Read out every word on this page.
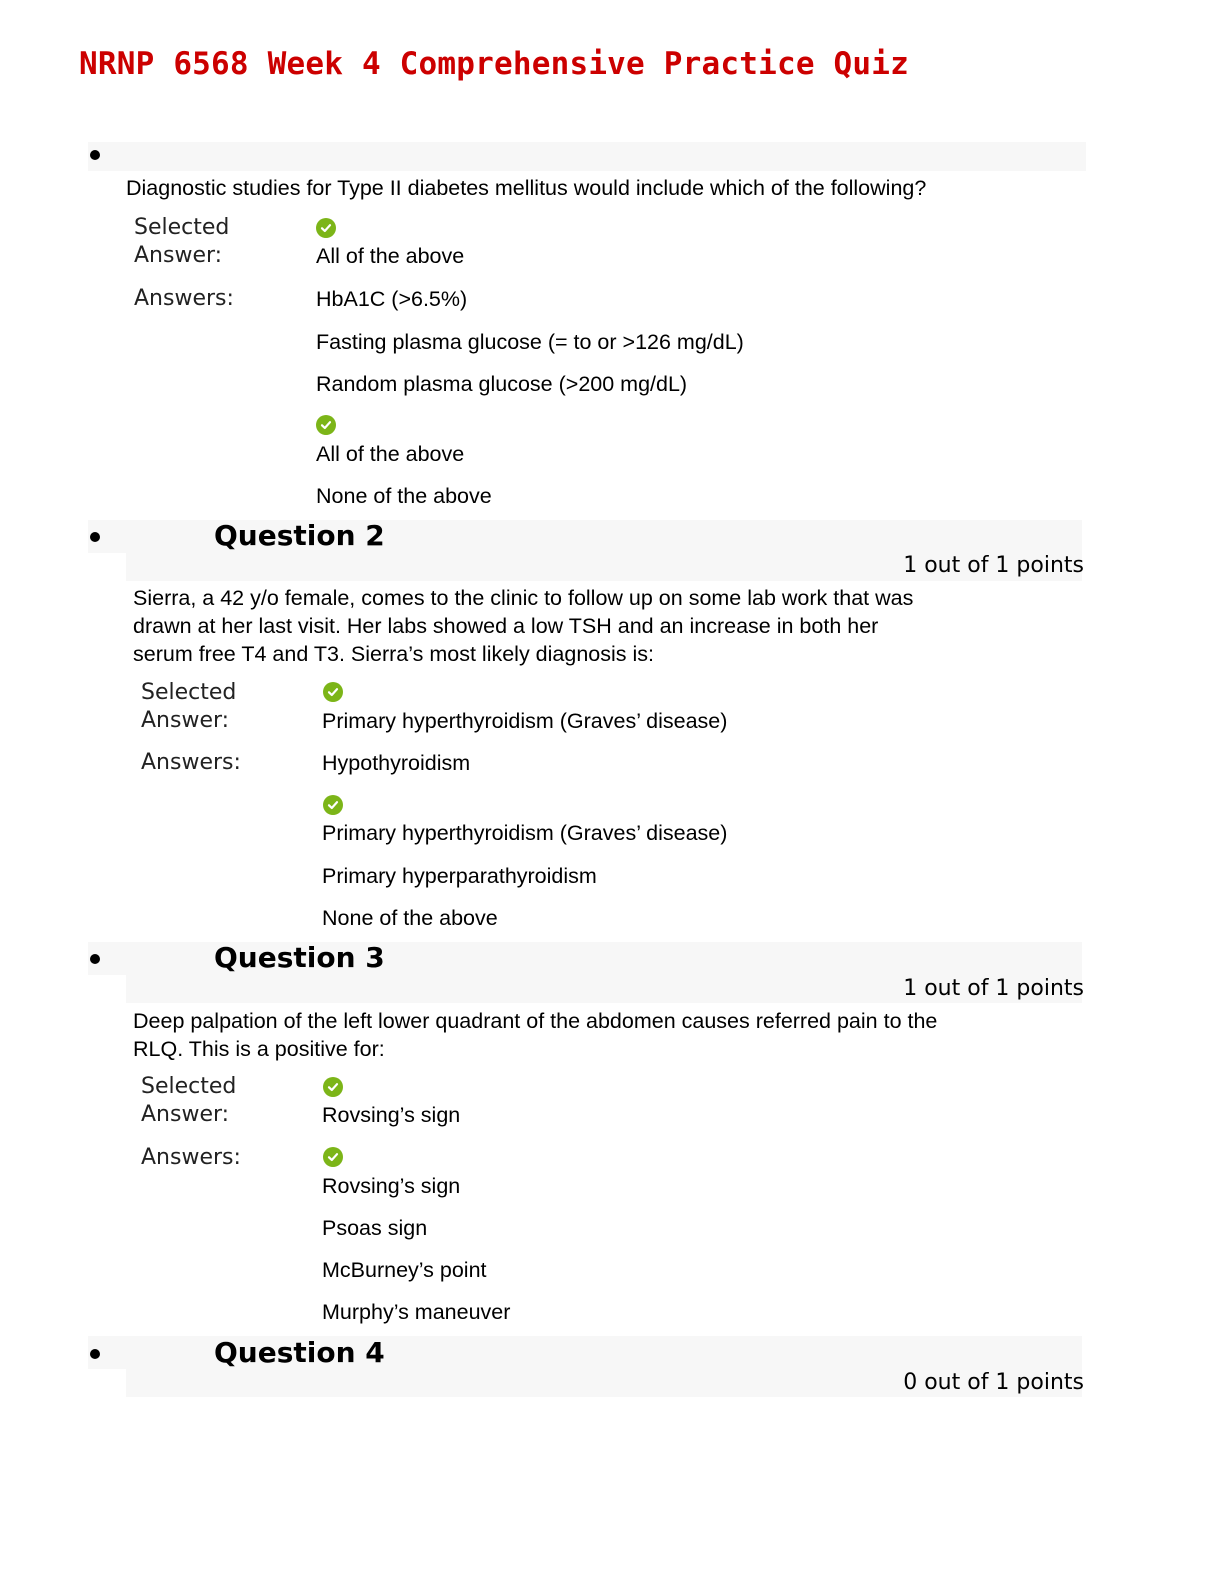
NRNP 6568 Week 4 Comprehensive Practice Quiz
Diagnostic studies for Type II diabetes mellitus would include which of the following?
Selected
Answer:	All of the above
Answers:	HbA1C (>6.5%)
Fasting plasma glucose (= to or >126 mg/dL)
Random plasma glucose (>200 mg/dL)
All of the above
None of the above
Question 2
1 out of 1 points
Sierra, a 42 y/o female, comes to the clinic to follow up on some lab work that was
drawn at her last visit. Her labs showed a low TSH and an increase in both her
serum free T4 and T3. Sierra’s most likely diagnosis is:
Selected
Answer:	Primary hyperthyroidism (Graves’ disease)
Answers:	Hypothyroidism
Primary hyperthyroidism (Graves’ disease)
Primary hyperparathyroidism
None of the above
Question 3
1 out of 1 points
Deep palpation of the left lower quadrant of the abdomen causes referred pain to the
RLQ. This is a positive for:
Selected
Answer:	Rovsing’s sign
Answers:
Rovsing’s sign
Psoas sign
McBurney’s point
Murphy’s maneuver
Question 4
0 out of 1 points
